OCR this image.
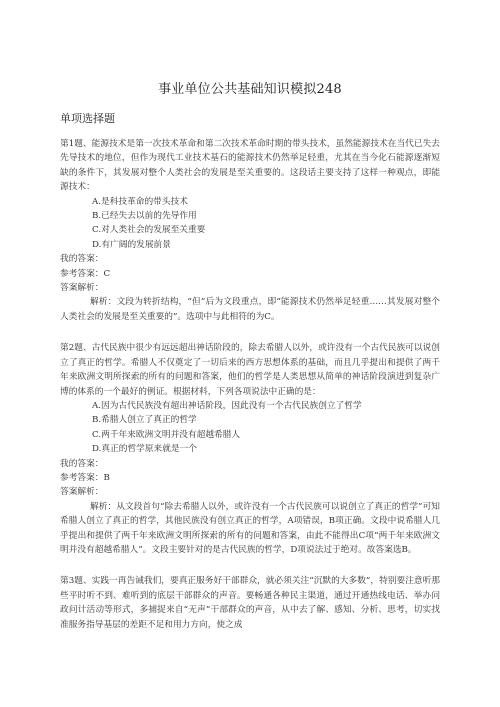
事业单位公共基础知识模拟248
单项选择题

第1题、能源技术是第一次技术革命和第二次技术革命时期的带头技术，虽然能源技术在当代已失去先导技术的地位，但作为现代工业技术基石的能源技术仍然举足轻重，尤其在当今化石能源逐渐短缺的条件下，其发展对整个人类社会的发展是至关重要的。这段话主要支持了这样一种观点，即能源技术：

A.是科技革命的带头技术

B.已经失去以前的先导作用

C.对人类社会的发展至关重要

D.有广阔的发展前景

我的答案：

参考答案：C

答案解析：

解析：文段为转折结构，“但”后为文段重点，即“能源技术仍然举足轻重……其发展对整个人类社会的发展是至关重要的”。选项中与此相符的为C。

第2题、古代民族中很少有远远超出神话阶段的，除去希腊人以外，或许没有一个古代民族可以说创立了真正的哲学。希腊人不仅奠定了一切后来的西方思想体系的基础，而且几乎提出和提供了两千年来欧洲文明所探索的所有的问题和答案，他们的哲学是人类思想从简单的神话阶段演进到复杂广博的体系的一个最好的例证。根据材料，下列各项说法中正确的是：

A.因为古代民族没有超出神话阶段，因此没有一个古代民族创立了哲学

B.希腊人创立了真正的哲学

C.两千年来欧洲文明并没有超越希腊人

D.真正的哲学原来就是一个

我的答案：

参考答案：B

答案解析：

解析：从文段首句“除去希腊人以外，或许没有一个古代民族可以说创立了真正的哲学”可知希腊人创立了真正的哲学，其他民族没有创立真正的哲学，A项错误，B项正确。文段中说希腊人几乎提出和提供了两千年来欧洲文明所探索的所有的问题和答案，由此不能得出C项“两千年来欧洲文明并没有超越希腊人”。文段主要针对的是古代民族的哲学，D项说法过于绝对。故答案选B。

第3题、实践一再告诫我们，要真正服务好干部群众，就必须关注“沉默的大多数”，特别要注意听那些平时听不到、难听到的底层干部群众的声音。要畅通各种民主渠道，通过开通热线电话、举办问政问计活动等形式，多捕捉来自“无声”干部群众的声音，从中去了解、感知、分析、思考，切实找准服务指导基层的差距不足和用力方向，使之成
